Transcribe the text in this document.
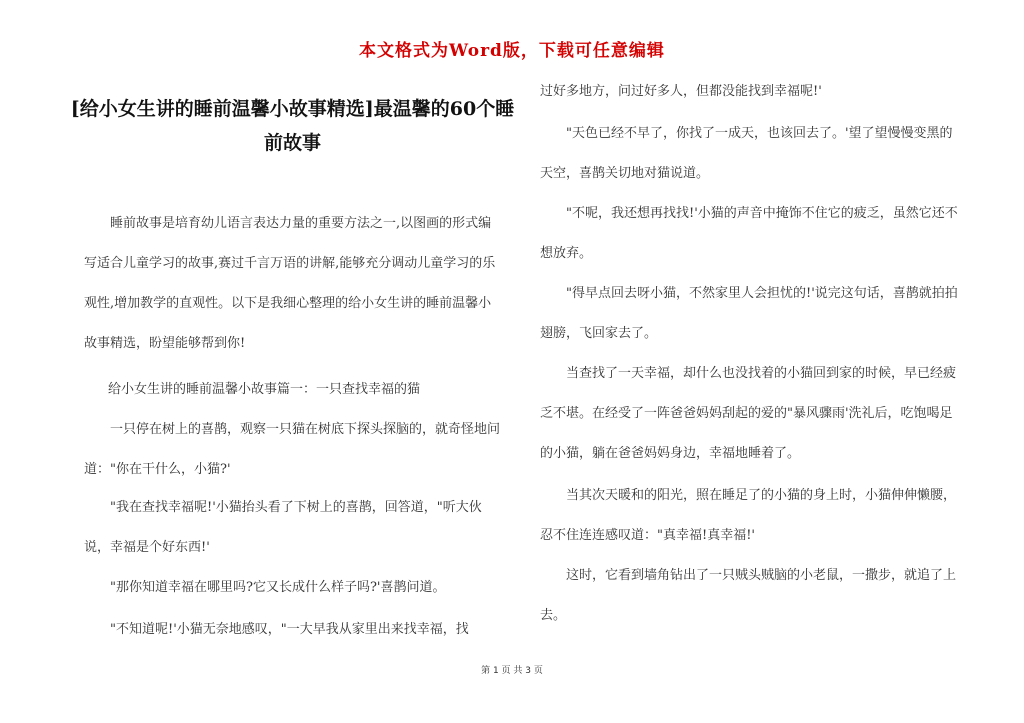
本文格式为Word版，下载可任意编辑
[给小女生讲的睡前温馨小故事精选]最温馨的60个睡前故事

睡前故事是培育幼儿语言表达力量的重要方法之一,以图画的形式编写适合儿童学习的故事,赛过千言万语的讲解,能够充分调动儿童学习的乐观性,增加教学的直观性。以下是我细心整理的给小女生讲的睡前温馨小故事精选，盼望能够帮到你!

给小女生讲的睡前温馨小故事篇一：一只查找幸福的猫

一只停在树上的喜鹊，观察一只猫在树底下探头探脑的，就奇怪地问道："你在干什么，小猫?'

"我在查找幸福呢!'小猫抬头看了下树上的喜鹊，回答道，"听大伙说，幸福是个好东西!'

"那你知道幸福在哪里吗?它又长成什么样子吗?'喜鹊问道。

"不知道呢!'小猫无奈地感叹，"一大早我从家里出来找幸福，找

过好多地方，问过好多人，但都没能找到幸福呢!'

"天色已经不早了，你找了一成天，也该回去了。'望了望慢慢变黑的天空，喜鹊关切地对猫说道。

"不呢，我还想再找找!'小猫的声音中掩饰不住它的疲乏，虽然它还不想放弃。

"得早点回去呀小猫，不然家里人会担忧的!'说完这句话，喜鹊就拍拍翅膀，飞回家去了。

当查找了一天幸福，却什么也没找着的小猫回到家的时候，早已经疲乏不堪。在经受了一阵爸爸妈妈刮起的爱的"暴风骤雨'洗礼后，吃饱喝足的小猫，躺在爸爸妈妈身边，幸福地睡着了。

当其次天暖和的阳光，照在睡足了的小猫的身上时，小猫伸伸懒腰，忍不住连连感叹道："真幸福!真幸福!'

这时，它看到墙角钻出了一只贼头贼脑的小老鼠，一撒步，就追了上去。

第 1 页 共 3 页
